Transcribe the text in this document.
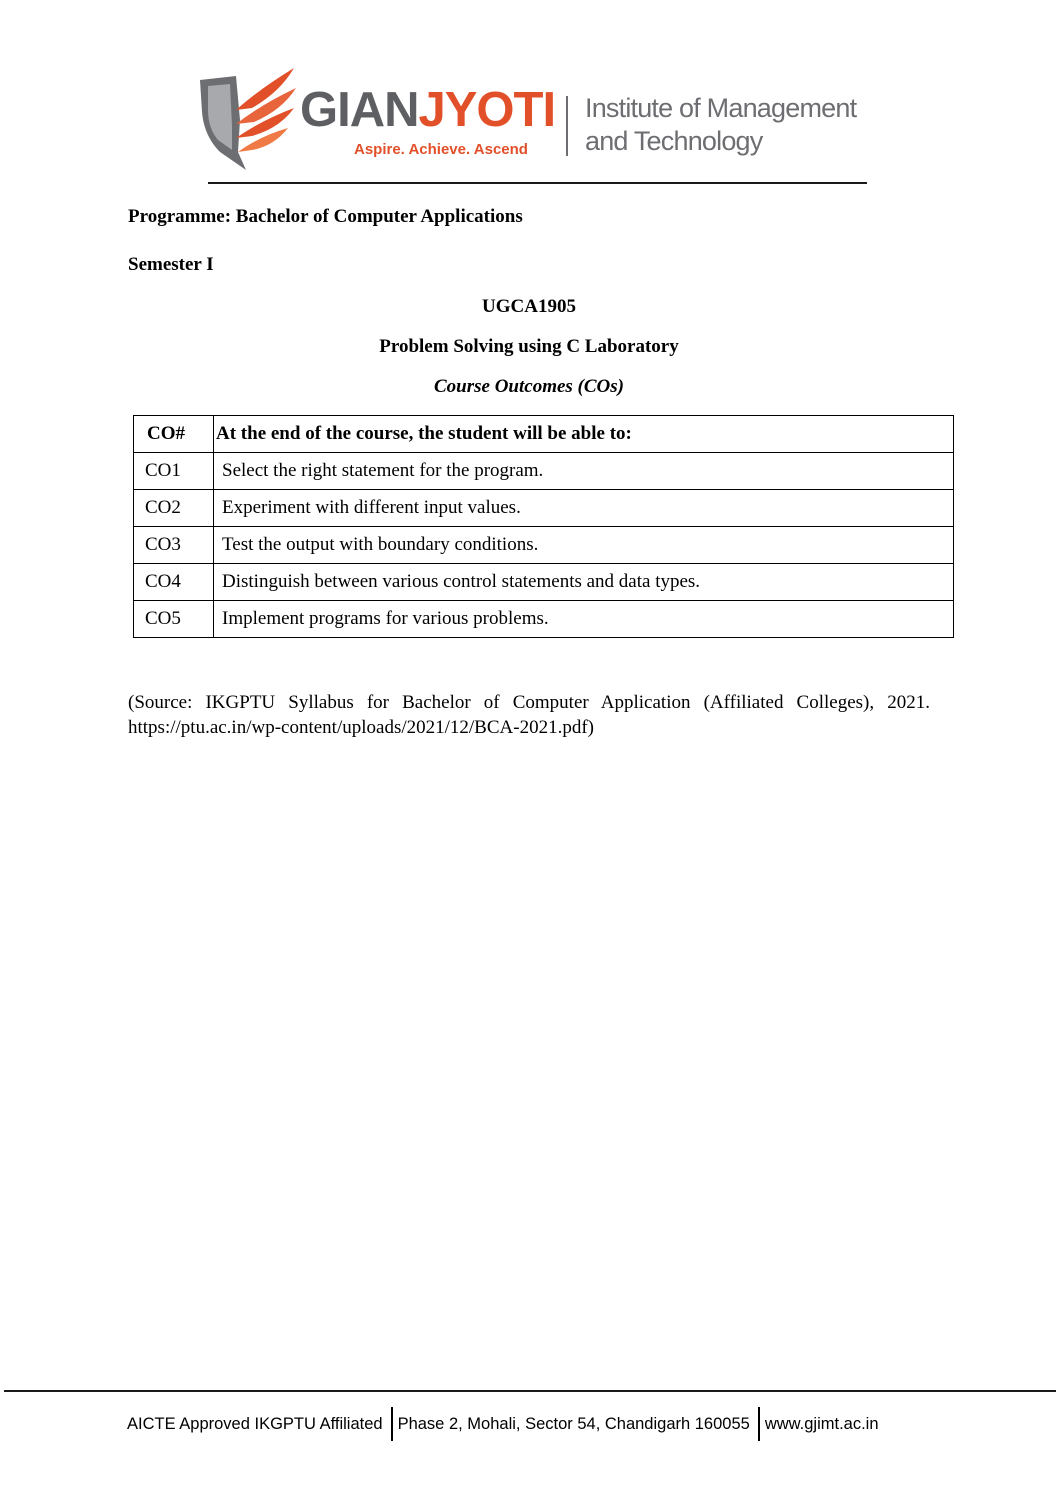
GIANJYOTI
Aspire. Achieve. Ascend
Institute of Management
and Technology
Programme: Bachelor of Computer Applications
Semester I
UGCA1905
Problem Solving using C Laboratory
Course Outcomes (COs)
CO#	At the end of the course, the student will be able to:
CO1	Select the right statement for the program.
CO2	Experiment with different input values.
CO3	Test the output with boundary conditions.
CO4	Distinguish between various control statements and data types.
CO5	Implement programs for various problems.
(Source: IKGPTU Syllabus for Bachelor of Computer Application (Affiliated Colleges), 2021. https://ptu.ac.in/wp-content/uploads/2021/12/BCA-2021.pdf)
AICTE Approved IKGPTU Affiliated Phase 2, Mohali, Sector 54, Chandigarh 160055 www.gjimt.ac.in
